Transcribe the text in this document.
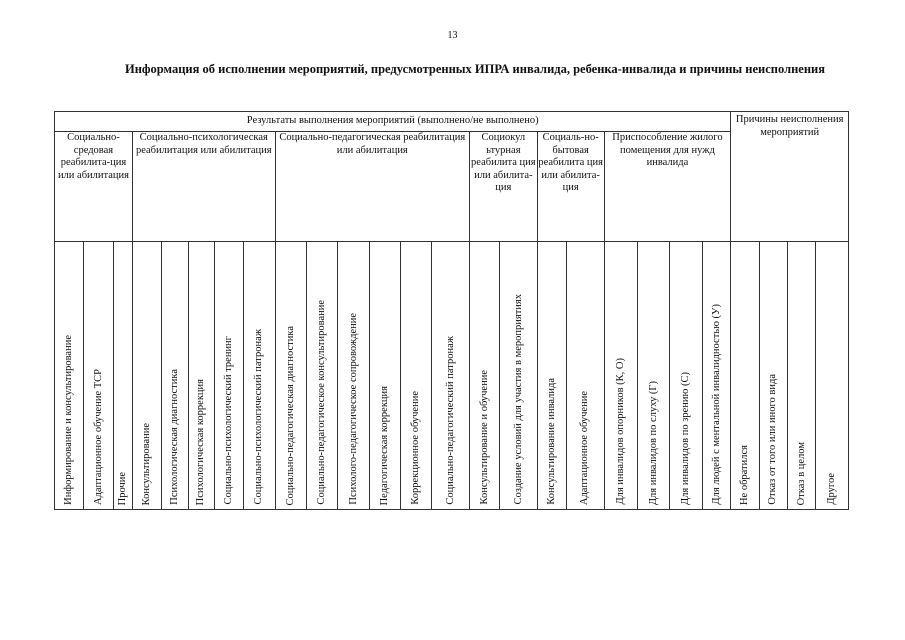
13
Информация об исполнении мероприятий, предусмотренных ИПРА инвалида, ребенка-инвалида и причины неисполнения
Результаты выполнения мероприятий (выполнено/не выполнено)																						Причины неисполнения мероприятий			
Социально-средовая реабилита-ция или абилитация			Социально-психологическая реабилитация или абилитация					Социально-педагогическая реабилитация или абилитация						Социокул ьтурная реабилита ция или абилита-ция		Социаль-но-бытовая реабилита ция или абилита-ция		Приспособление жилого помещения для нужд инвалида							

Информирование и консультирование	Адаптационное обучение ТСР	Прочие	Консультирование	Психологическая диагностика	Психологическая коррекция	Социально-психологический тренинг	Социально-психологический патронаж	Социально-педагогическая диагностика	Социально-педагогическое консультирование	Психолого-педагогическое сопровождение	Педагогическая коррекция	Коррекционное обучение	Социально-педагогический патронаж	Консультирование и обучение	Создание условий для участия в мероприятиях	Консультирование инвалида	Адаптационное обучение	Для инвалидов опорников (К, О)	Для инвалидов по слуху (Г)	Для инвалидов по зрению (С)	Для людей с ментальной инвалидностью (У)	Не обратился	Отказ от того или иного вида	Отказ в целом	Другое
